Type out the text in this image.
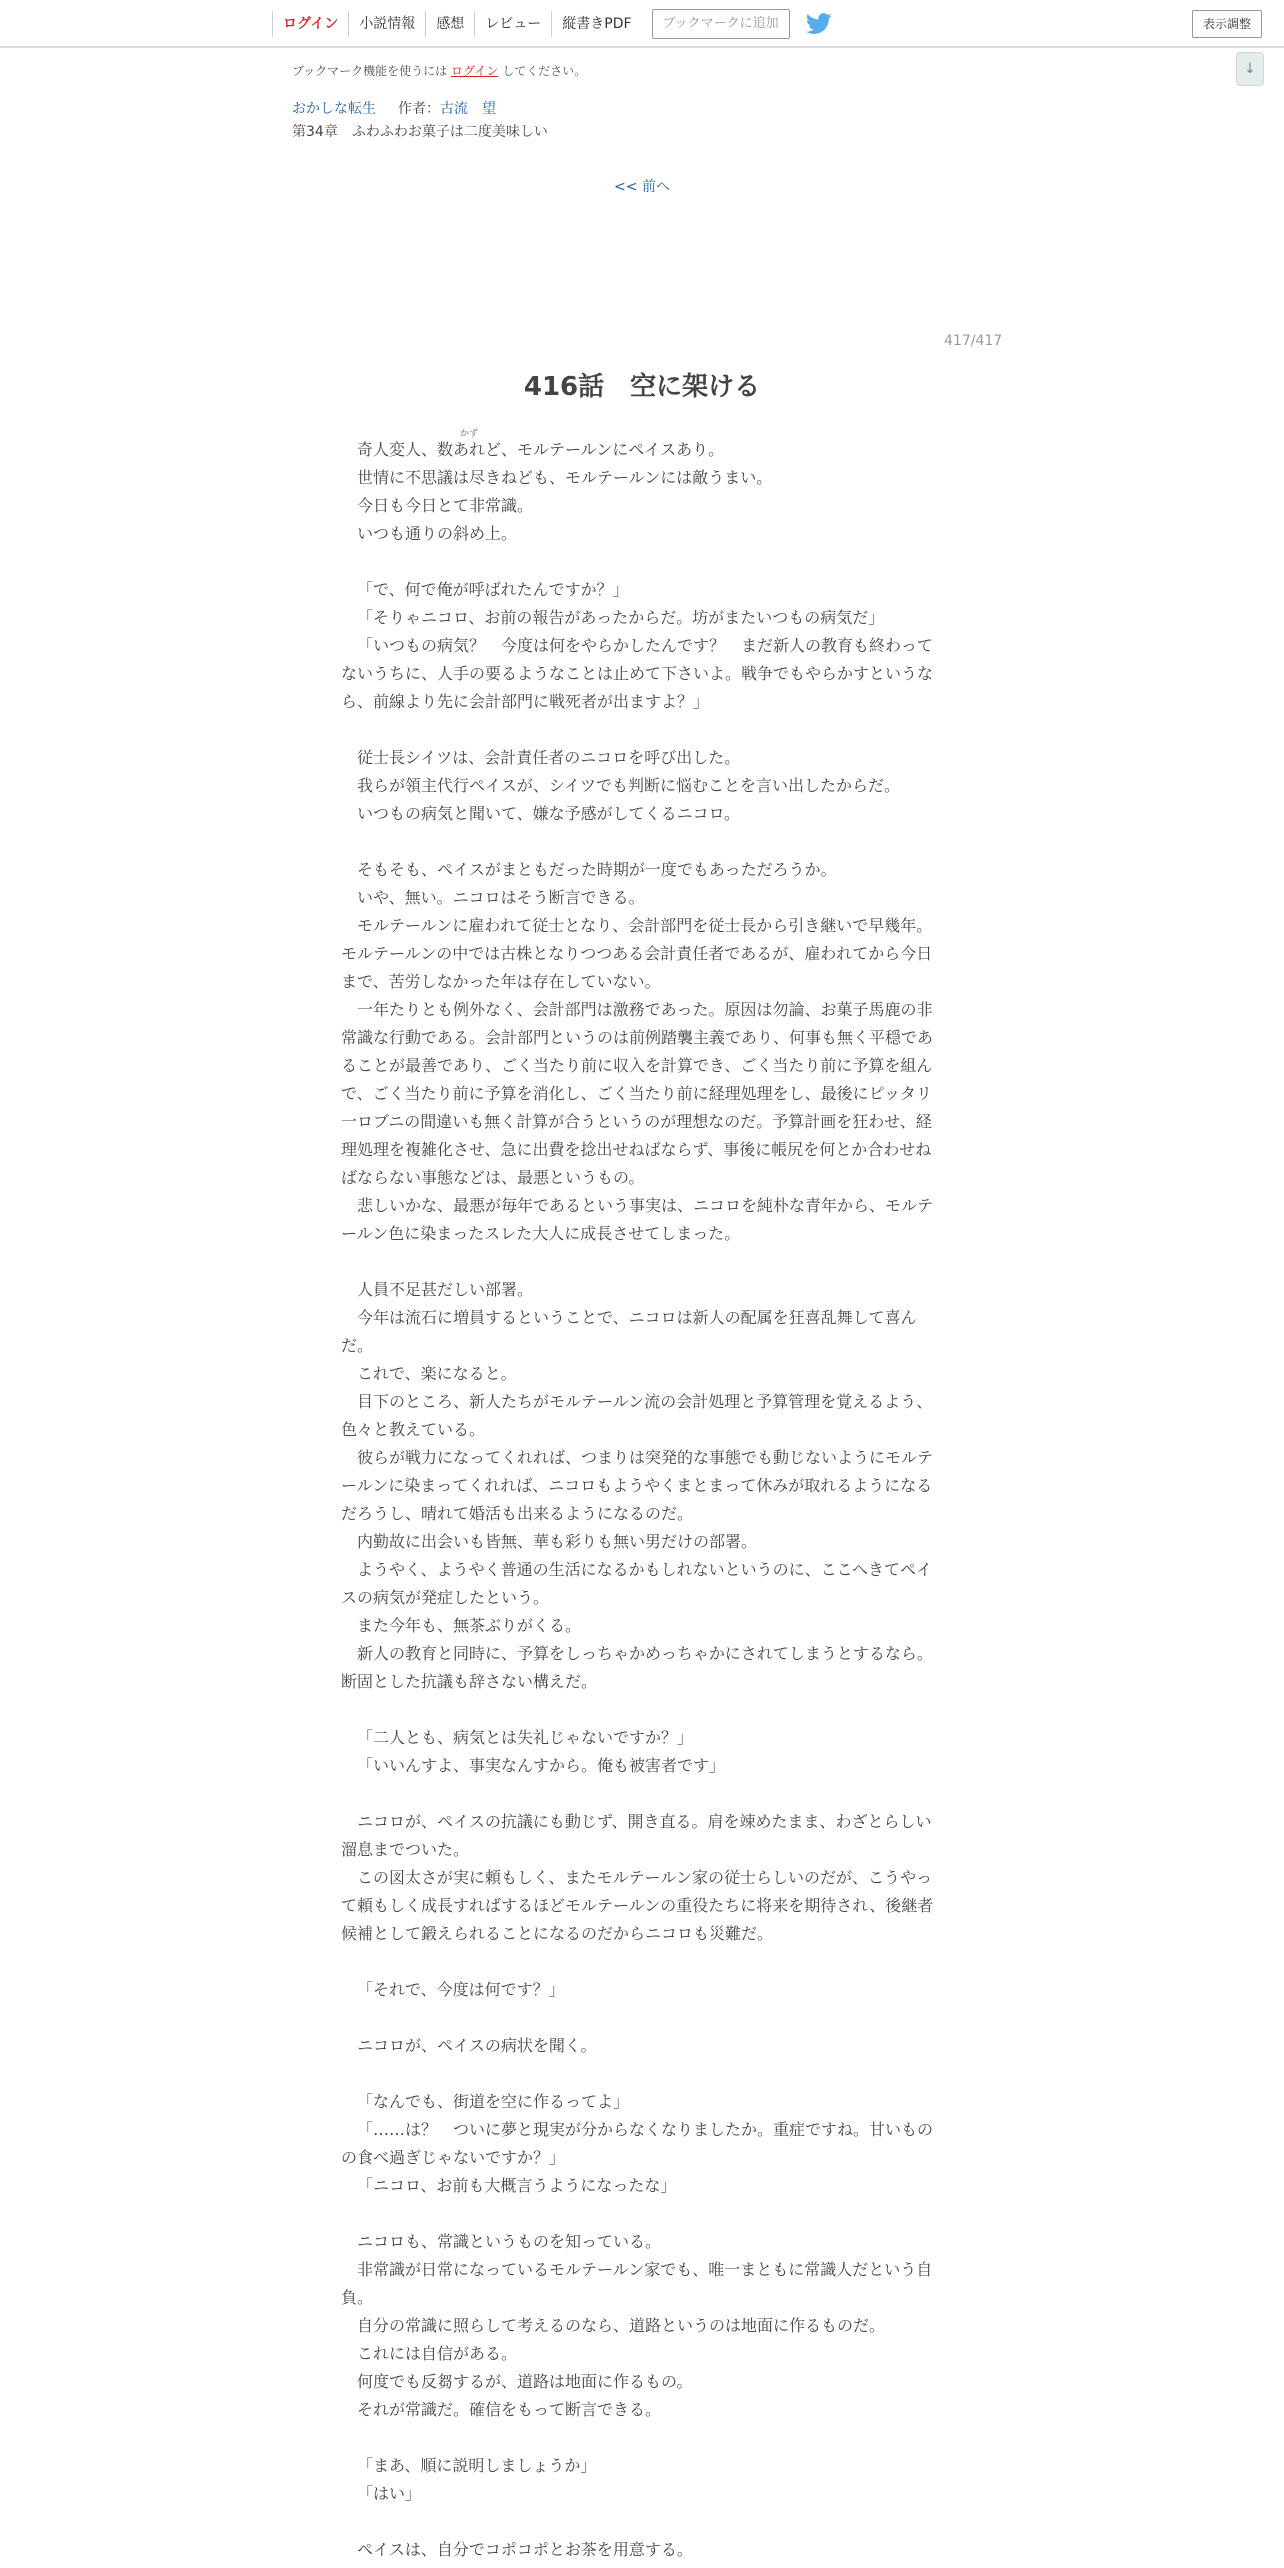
ログイン	小説情報	感想	レビュー	縦書きPDF	ブックマークに追加	表示調整
↓
ブックマーク機能を使うには ログイン してください。
おかしな転生 作者：古流　望
第34章　ふわふわお菓子は二度美味しい
<< 前へ
417/417
416話　空に架ける

奇人変人、数あれど、モルテールンにペイスあり。
かず

世情に不思議は尽きねども、モルテールンには敵うまい。

今日も今日とて非常識。

いつも通りの斜め上。

「で、何で俺が呼ばれたんですか？」

「そりゃニコロ、お前の報告があったからだ。坊がまたいつもの病気だ」

「いつもの病気？　今度は何をやらかしたんです？　まだ新人の教育も終わってないうちに、人手の要るようなことは止めて下さいよ。戦争でもやらかすというなら、前線より先に会計部門に戦死者が出ますよ？」

従士長シイツは、会計責任者のニコロを呼び出した。

我らが領主代行ペイスが、シイツでも判断に悩むことを言い出したからだ。

いつもの病気と聞いて、嫌な予感がしてくるニコロ。

そもそも、ペイスがまともだった時期が一度でもあっただろうか。

いや、無い。ニコロはそう断言できる。

モルテールンに雇われて従士となり、会計部門を従士長から引き継いで早幾年。モルテールンの中では古株となりつつある会計責任者であるが、雇われてから今日まで、苦労しなかった年は存在していない。

一年たりとも例外なく、会計部門は激務であった。原因は勿論、お菓子馬鹿の非常識な行動である。会計部門というのは前例踏襲主義であり、何事も無く平穏であることが最善であり、ごく当たり前に収入を計算でき、ごく当たり前に予算を組んで、ごく当たり前に予算を消化し、ごく当たり前に経理処理をし、最後にピッタリ一ロブニの間違いも無く計算が合うというのが理想なのだ。予算計画を狂わせ、経理処理を複雑化させ、急に出費を捻出せねばならず、事後に帳尻を何とか合わせねばならない事態などは、最悪というもの。

悲しいかな、最悪が毎年であるという事実は、ニコロを純朴な青年から、モルテールン色に染まったスレた大人に成長させてしまった。

人員不足甚だしい部署。

今年は流石に増員するということで、ニコロは新人の配属を狂喜乱舞して喜んだ。

これで、楽になると。

目下のところ、新人たちがモルテールン流の会計処理と予算管理を覚えるよう、色々と教えている。

彼らが戦力になってくれれば、つまりは突発的な事態でも動じないようにモルテールンに染まってくれれば、ニコロもようやくまとまって休みが取れるようになるだろうし、晴れて婚活も出来るようになるのだ。

内勤故に出会いも皆無、華も彩りも無い男だけの部署。

ようやく、ようやく普通の生活になるかもしれないというのに、ここへきてペイスの病気が発症したという。

また今年も、無茶ぶりがくる。

新人の教育と同時に、予算をしっちゃかめっちゃかにされてしまうとするなら。断固とした抗議も辞さない構えだ。

「二人とも、病気とは失礼じゃないですか？」

「いいんすよ、事実なんすから。俺も被害者です」

ニコロが、ペイスの抗議にも動じず、開き直る。肩を竦めたまま、わざとらしい溜息までついた。

この図太さが実に頼もしく、またモルテールン家の従士らしいのだが、こうやって頼もしく成長すればするほどモルテールンの重役たちに将来を期待され、後継者候補として鍛えられることになるのだからニコロも災難だ。

「それで、今度は何です？」

ニコロが、ペイスの病状を聞く。

「なんでも、街道を空に作るってよ」

「……は？　ついに夢と現実が分からなくなりましたか。重症ですね。甘いものの食べ過ぎじゃないですか？」

「ニコロ、お前も大概言うようになったな」

ニコロも、常識というものを知っている。

非常識が日常になっているモルテールン家でも、唯一まともに常識人だという自負。

自分の常識に照らして考えるのなら、道路というのは地面に作るものだ。

これには自信がある。

何度でも反芻するが、道路は地面に作るもの。

それが常識だ。確信をもって断言できる。

「まあ、順に説明しましょうか」

「はい」

ペイスは、自分でコポコポとお茶を用意する。
